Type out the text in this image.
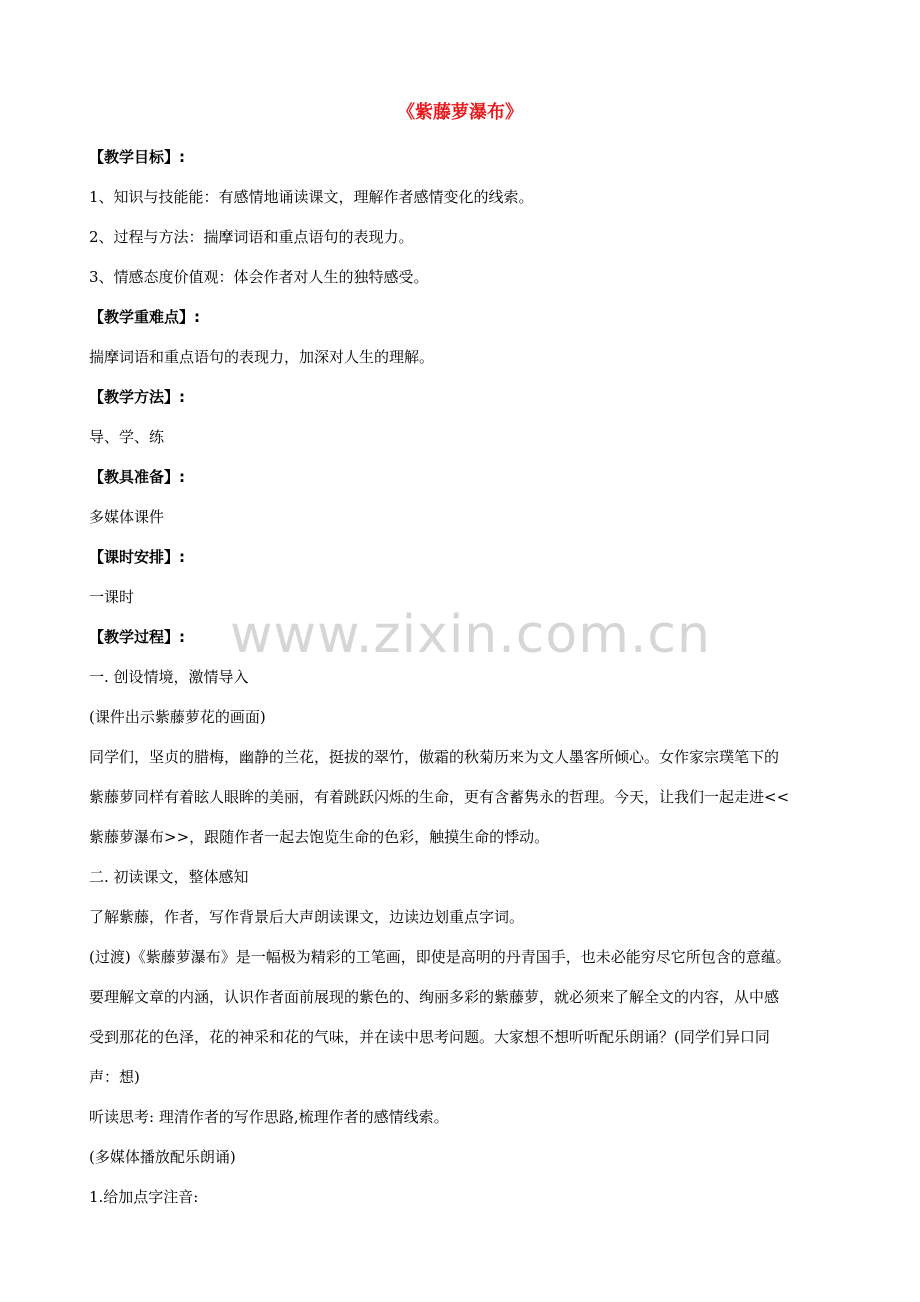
《紫藤萝瀑布》
【教学目标】:
1、知识与技能能：有感情地诵读课文，理解作者感情变化的线索。
2、过程与方法：揣摩词语和重点语句的表现力。
3、情感态度价值观：体会作者对人生的独特感受。
【教学重难点】:
揣摩词语和重点语句的表现力，加深对人生的理解。
【教学方法】:
导、学、练
【教具准备】:
多媒体课件
【课时安排】:
一课时
【教学过程】:
一. 创设情境，激情导入
(课件出示紫藤萝花的画面)
同学们，坚贞的腊梅，幽静的兰花，挺拔的翠竹，傲霜的秋菊历来为文人墨客所倾心。女作家宗璞笔下的
紫藤萝同样有着眩人眼眸的美丽，有着跳跃闪烁的生命，更有含蓄隽永的哲理。今天，让我们一起走进<<
紫藤萝瀑布>>，跟随作者一起去饱览生命的色彩，触摸生命的悸动。
二. 初读课文，整体感知
了解紫藤，作者，写作背景后大声朗读课文，边读边划重点字词。
(过渡)《紫藤萝瀑布》是一幅极为精彩的工笔画，即使是高明的丹青国手，也未必能穷尽它所包含的意蕴。
要理解文章的内涵，认识作者面前展现的紫色的、绚丽多彩的紫藤萝，就必须来了解全文的内容，从中感
受到那花的色泽，花的神采和花的气味，并在读中思考问题。大家想不想听听配乐朗诵？(同学们异口同
声：想)
听读思考: 理清作者的写作思路,梳理作者的感情线索。
(多媒体播放配乐朗诵)
1.给加点字注音:
www.zixin.com.cn
